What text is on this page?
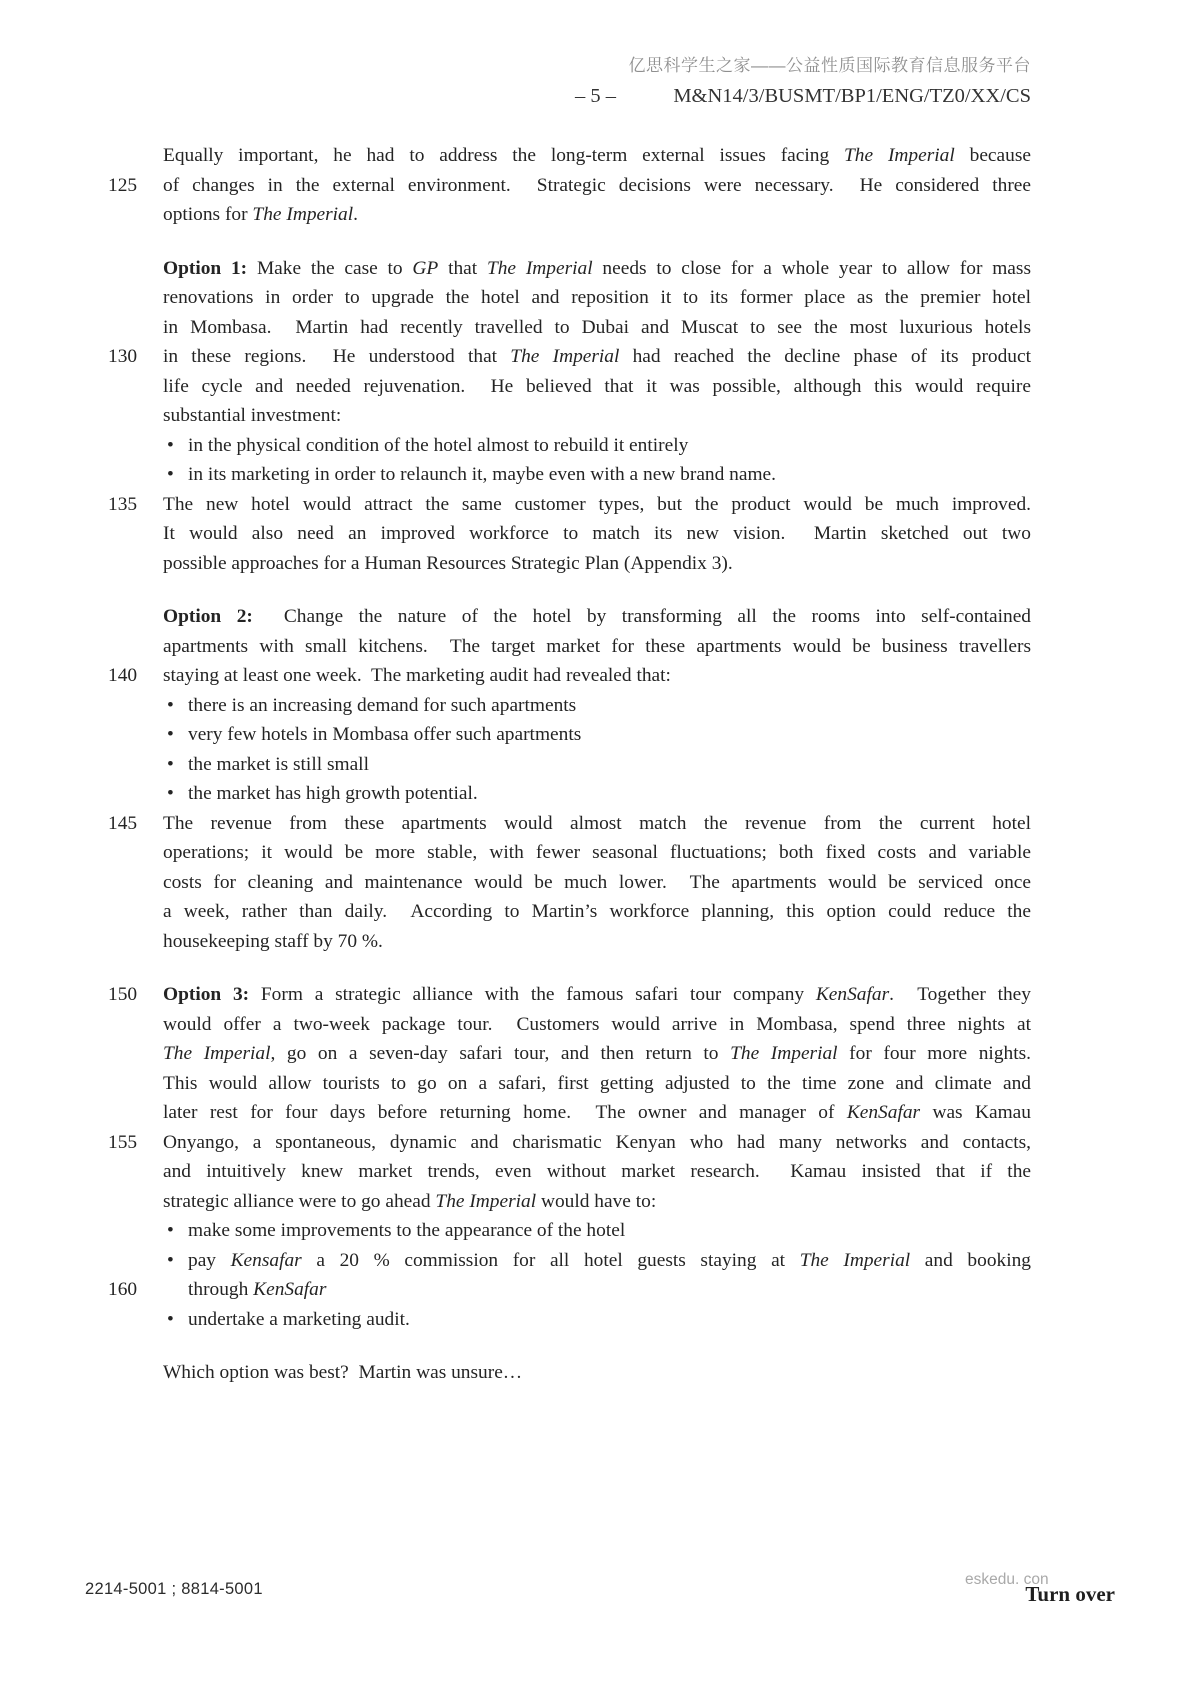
亿思科学生之家——公益性质国际教育信息服务平台
– 5 –	M&N14/3/BUSMT/BP1/ENG/TZ0/XX/CS
Equally important, he had to address the long-term external issues facing The Imperial because
125	of changes in the external environment.  Strategic decisions were necessary.  He considered three
options for The Imperial.
Option 1: Make the case to GP that The Imperial needs to close for a whole year to allow for mass
renovations in order to upgrade the hotel and reposition it to its former place as the premier hotel
in Mombasa.  Martin had recently travelled to Dubai and Muscat to see the most luxurious hotels
130	in these regions.  He understood that The Imperial had reached the decline phase of its product
life cycle and needed rejuvenation.  He believed that it was possible, although this would require
substantial investment:
• in the physical condition of the hotel almost to rebuild it entirely
• in its marketing in order to relaunch it, maybe even with a new brand name.
135	The new hotel would attract the same customer types, but the product would be much improved.
It would also need an improved workforce to match its new vision.  Martin sketched out two
possible approaches for a Human Resources Strategic Plan (Appendix 3).
Option 2:  Change the nature of the hotel by transforming all the rooms into self-contained
apartments with small kitchens.  The target market for these apartments would be business travellers
140	staying at least one week.  The marketing audit had revealed that:
• there is an increasing demand for such apartments
• very few hotels in Mombasa offer such apartments
• the market is still small
• the market has high growth potential.
145	The revenue from these apartments would almost match the revenue from the current hotel
operations; it would be more stable, with fewer seasonal fluctuations; both fixed costs and variable
costs for cleaning and maintenance would be much lower.  The apartments would be serviced once
a week, rather than daily.  According to Martin’s workforce planning, this option could reduce the
housekeeping staff by 70 %.
150	Option 3: Form a strategic alliance with the famous safari tour company KenSafar.  Together they
would offer a two-week package tour.  Customers would arrive in Mombasa, spend three nights at
The Imperial, go on a seven-day safari tour, and then return to The Imperial for four more nights.
This would allow tourists to go on a safari, first getting adjusted to the time zone and climate and
later rest for four days before returning home.  The owner and manager of KenSafar was Kamau
155	Onyango, a spontaneous, dynamic and charismatic Kenyan who had many networks and contacts,
and intuitively knew market trends, even without market research.  Kamau insisted that if the
strategic alliance were to go ahead The Imperial would have to:
• make some improvements to the appearance of the hotel
• pay Kensafar a 20 % commission for all hotel guests staying at The Imperial and booking
160	through KenSafar
• undertake a marketing audit.
Which option was best?  Martin was unsure…
2214-5001 ; 8814-5001
eskedu. con
Turn over
